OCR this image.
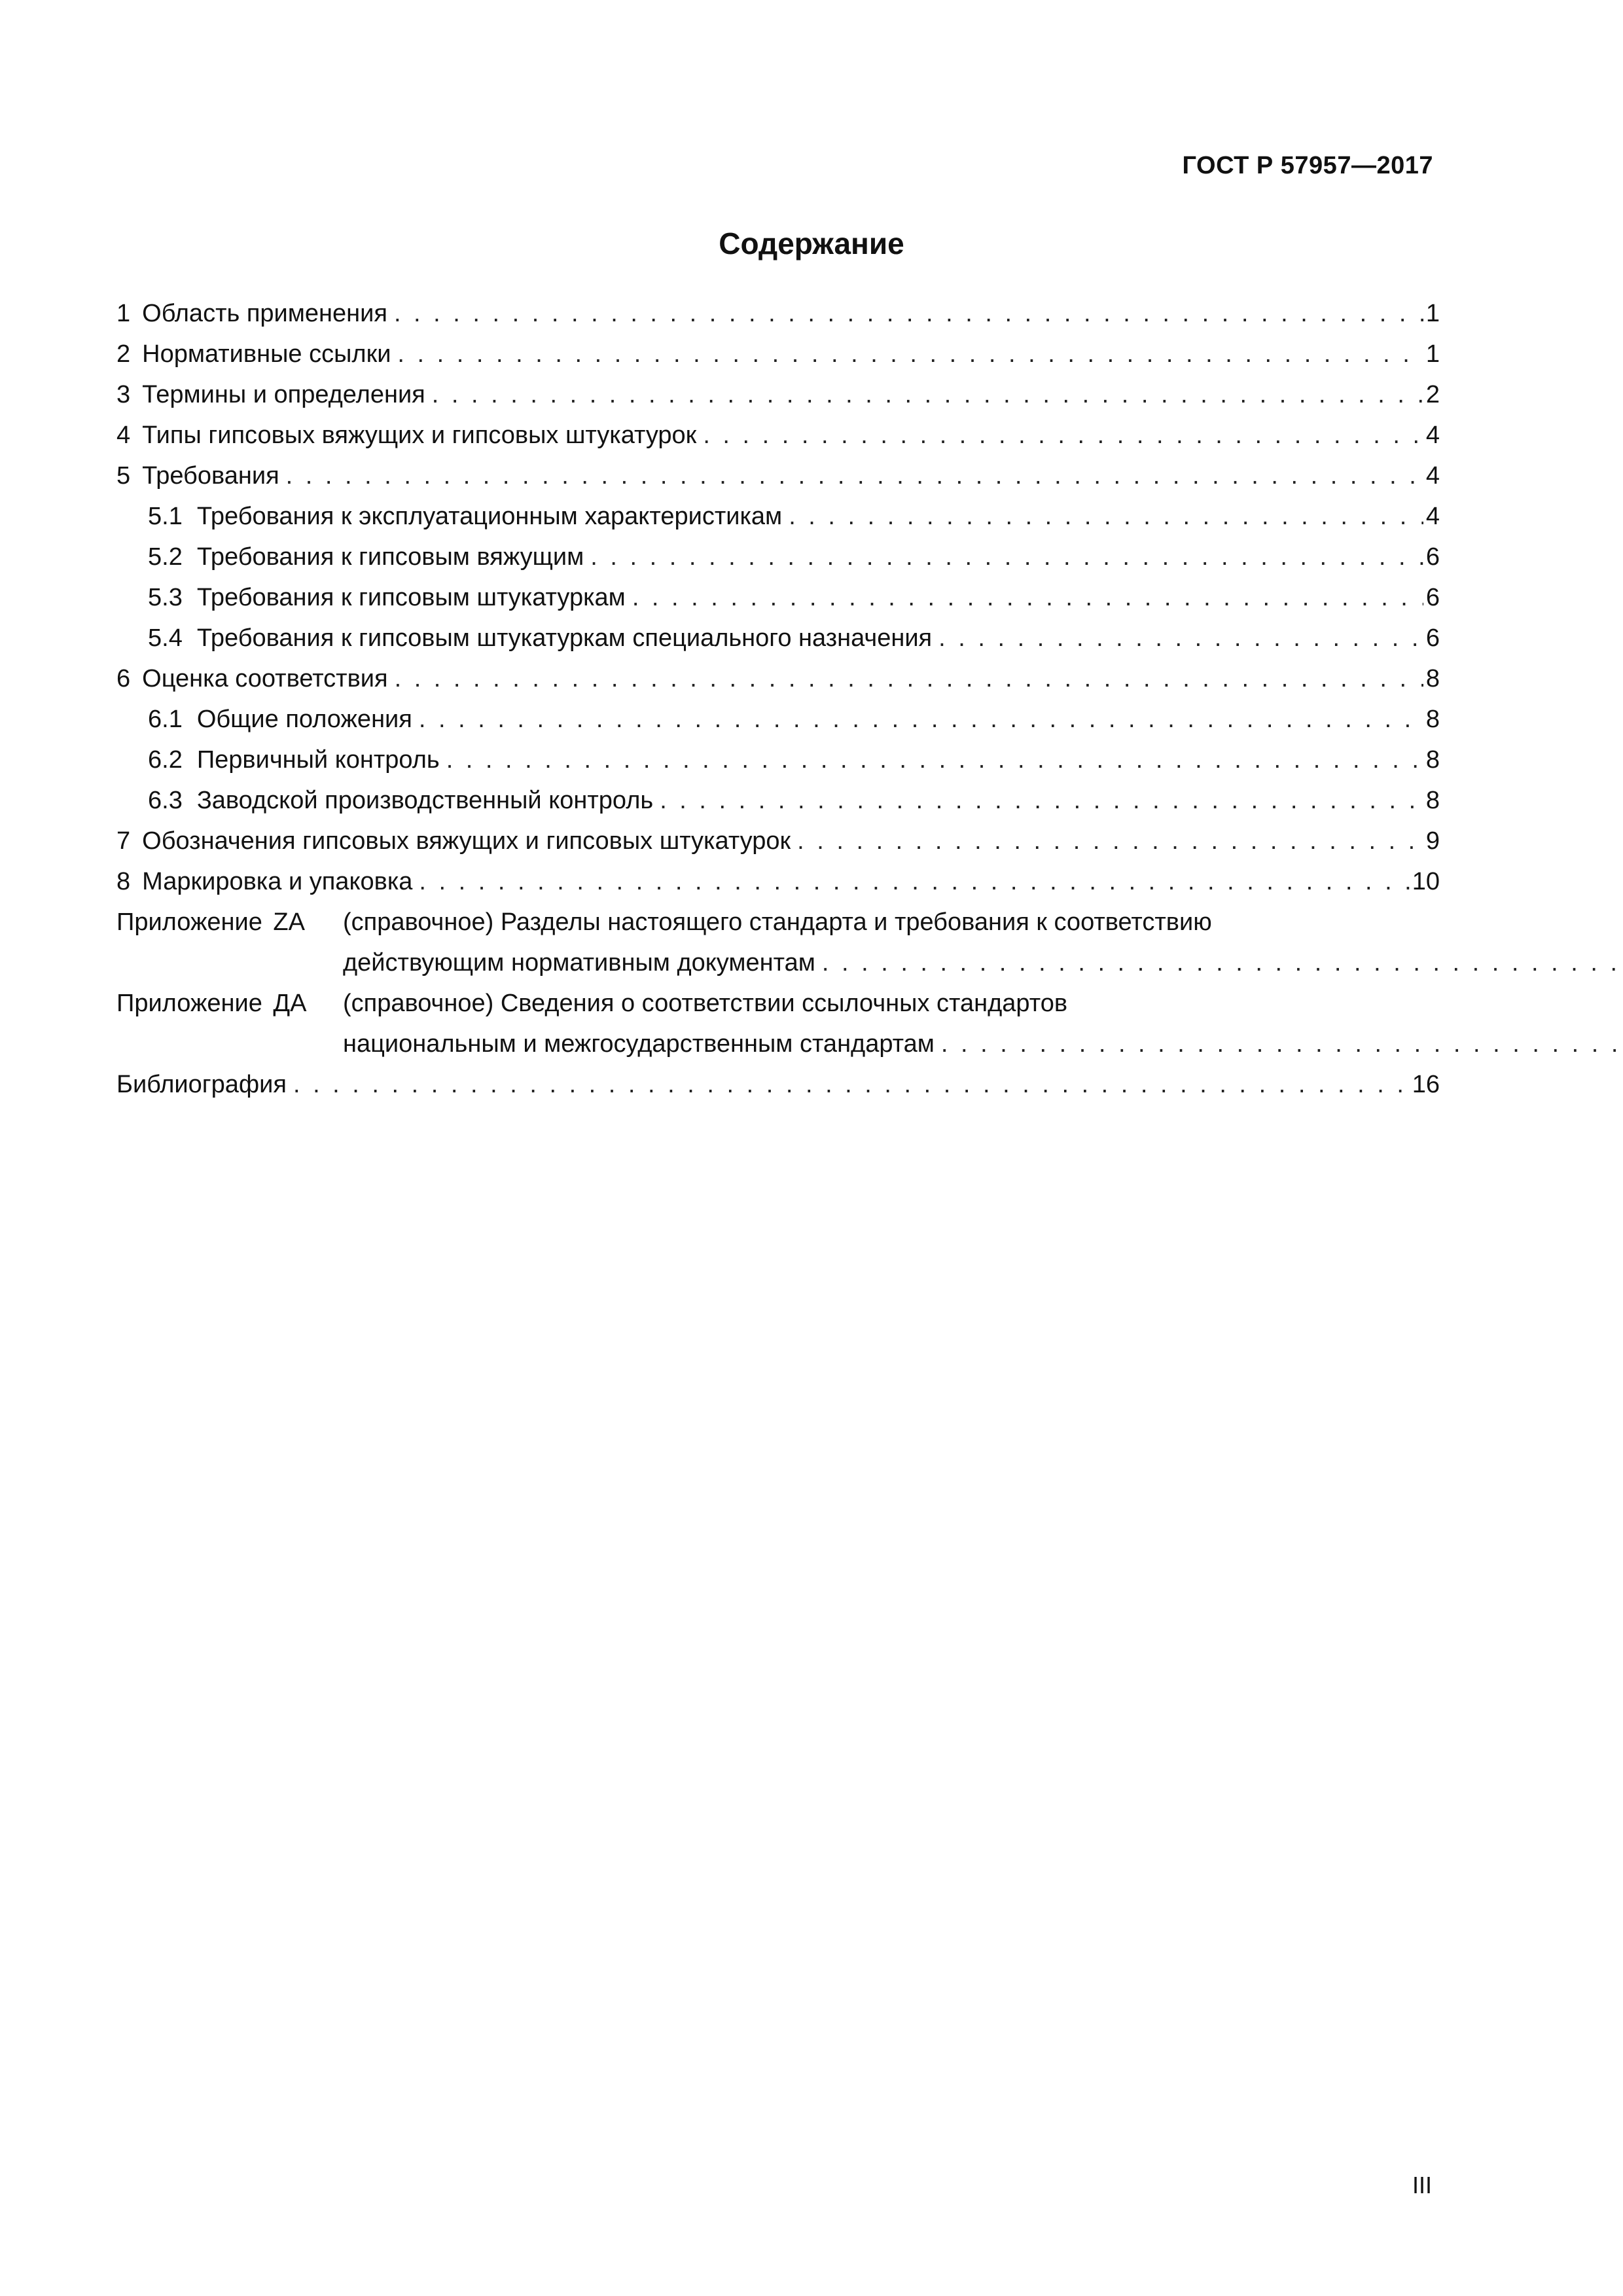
ГОСТ Р 57957—2017
Содержание
1 Область применения . . .	1
2 Нормативные ссылки . . .	1
3 Термины и определения . . .	2
4 Типы гипсовых вяжущих и гипсовых штукатурок . . .	4
5 Требования . . .	4
5.1 Требования к эксплуатационным характеристикам . . .	4
5.2 Требования к гипсовым вяжущим . . .	6
5.3 Требования к гипсовым штукатуркам . . .	6
5.4 Требования к гипсовым штукатуркам специального назначения . . .	6
6 Оценка соответствия . . .	8
6.1 Общие положения . . .	8
6.2 Первичный контроль . . .	8
6.3 Заводской производственный контроль . . .	8
7 Обозначения гипсовых вяжущих и гипсовых штукатурок . . .	9
8 Маркировка и упаковка . . .	10
Приложение ZA	(справочное) Разделы настоящего стандарта и требования к соответствию
действующим нормативным документам
. . .
Приложение ДА	(справочное) Сведения о соответствии ссылочных стандартов
национальным и межгосударственным стандартам
. . .
Библиография . . .	16
III
